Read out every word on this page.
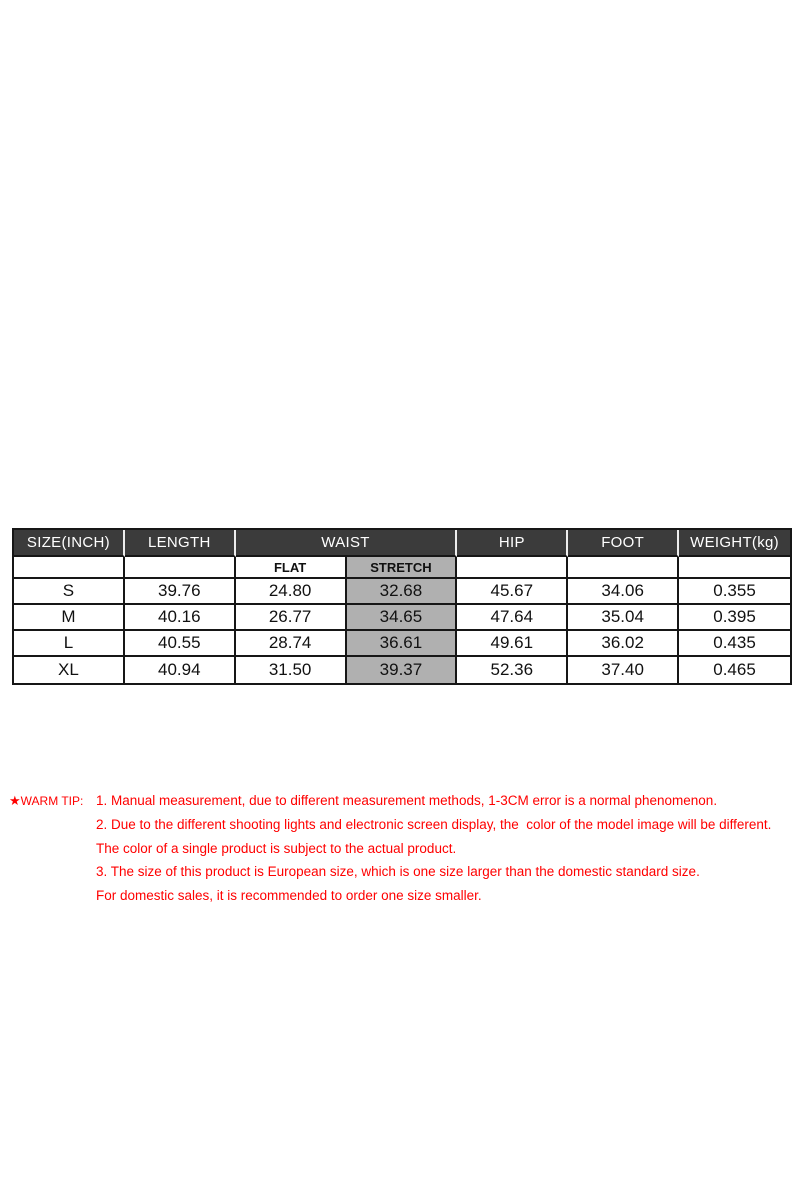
SIZE(INCH)	LENGTH	WAIST		HIP	FOOT	WEIGHT(kg)
		FLAT	STRETCH			
S	39.76	24.80	32.68	45.67	34.06	0.355
M	40.16	26.77	34.65	47.64	35.04	0.395
L	40.55	28.74	36.61	49.61	36.02	0.435
XL	40.94	31.50	39.37	52.36	37.40	0.465
★WARM TIP: 1. Manual measurement, due to different measurement methods, 1-3CM error is a normal phenomenon.
2. Due to the different shooting lights and electronic screen display, the  color of the model image will be different.
The color of a single product is subject to the actual product.
3. The size of this product is European size, which is one size larger than the domestic standard size.
For domestic sales, it is recommended to order one size smaller.
